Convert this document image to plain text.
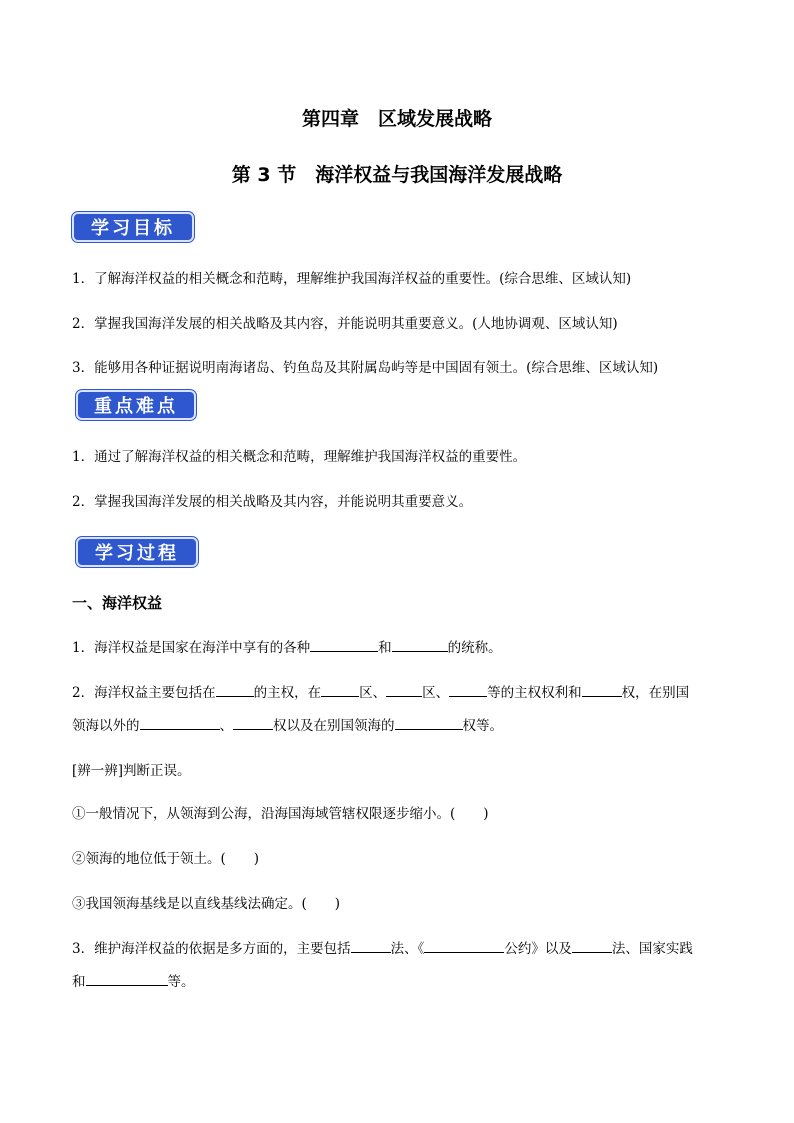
第四章　区域发展战略
第 3 节　海洋权益与我国海洋发展战略
学习目标
1．了解海洋权益的相关概念和范畴，理解维护我国海洋权益的重要性。(综合思维、区域认知)
2．掌握我国海洋发展的相关战略及其内容，并能说明其重要意义。(人地协调观、区域认知)
3．能够用各种证据说明南海诸岛、钓鱼岛及其附属岛屿等是中国固有领土。(综合思维、区域认知)
重点难点
1．通过了解海洋权益的相关概念和范畴，理解维护我国海洋权益的重要性。
2．掌握我国海洋发展的相关战略及其内容，并能说明其重要意义。
学习过程
一、海洋权益
1．海洋权益是国家在海洋中享有的各种	和	的统称。
2．海洋权益主要包括在	的主权，在	区、	区、	等的主权权利和	权，在别国
领海以外的	、	权以及在别国领海的	权等。
[辨一辨]判断正误。
①一般情况下，从领海到公海，沿海国海域管辖权限逐步缩小。( )
②领海的地位低于领土。( )
③我国领海基线是以直线基线法确定。( )
3．维护海洋权益的依据是多方面的，主要包括	法、《	公约》以及	法、国家实践
和	等。
